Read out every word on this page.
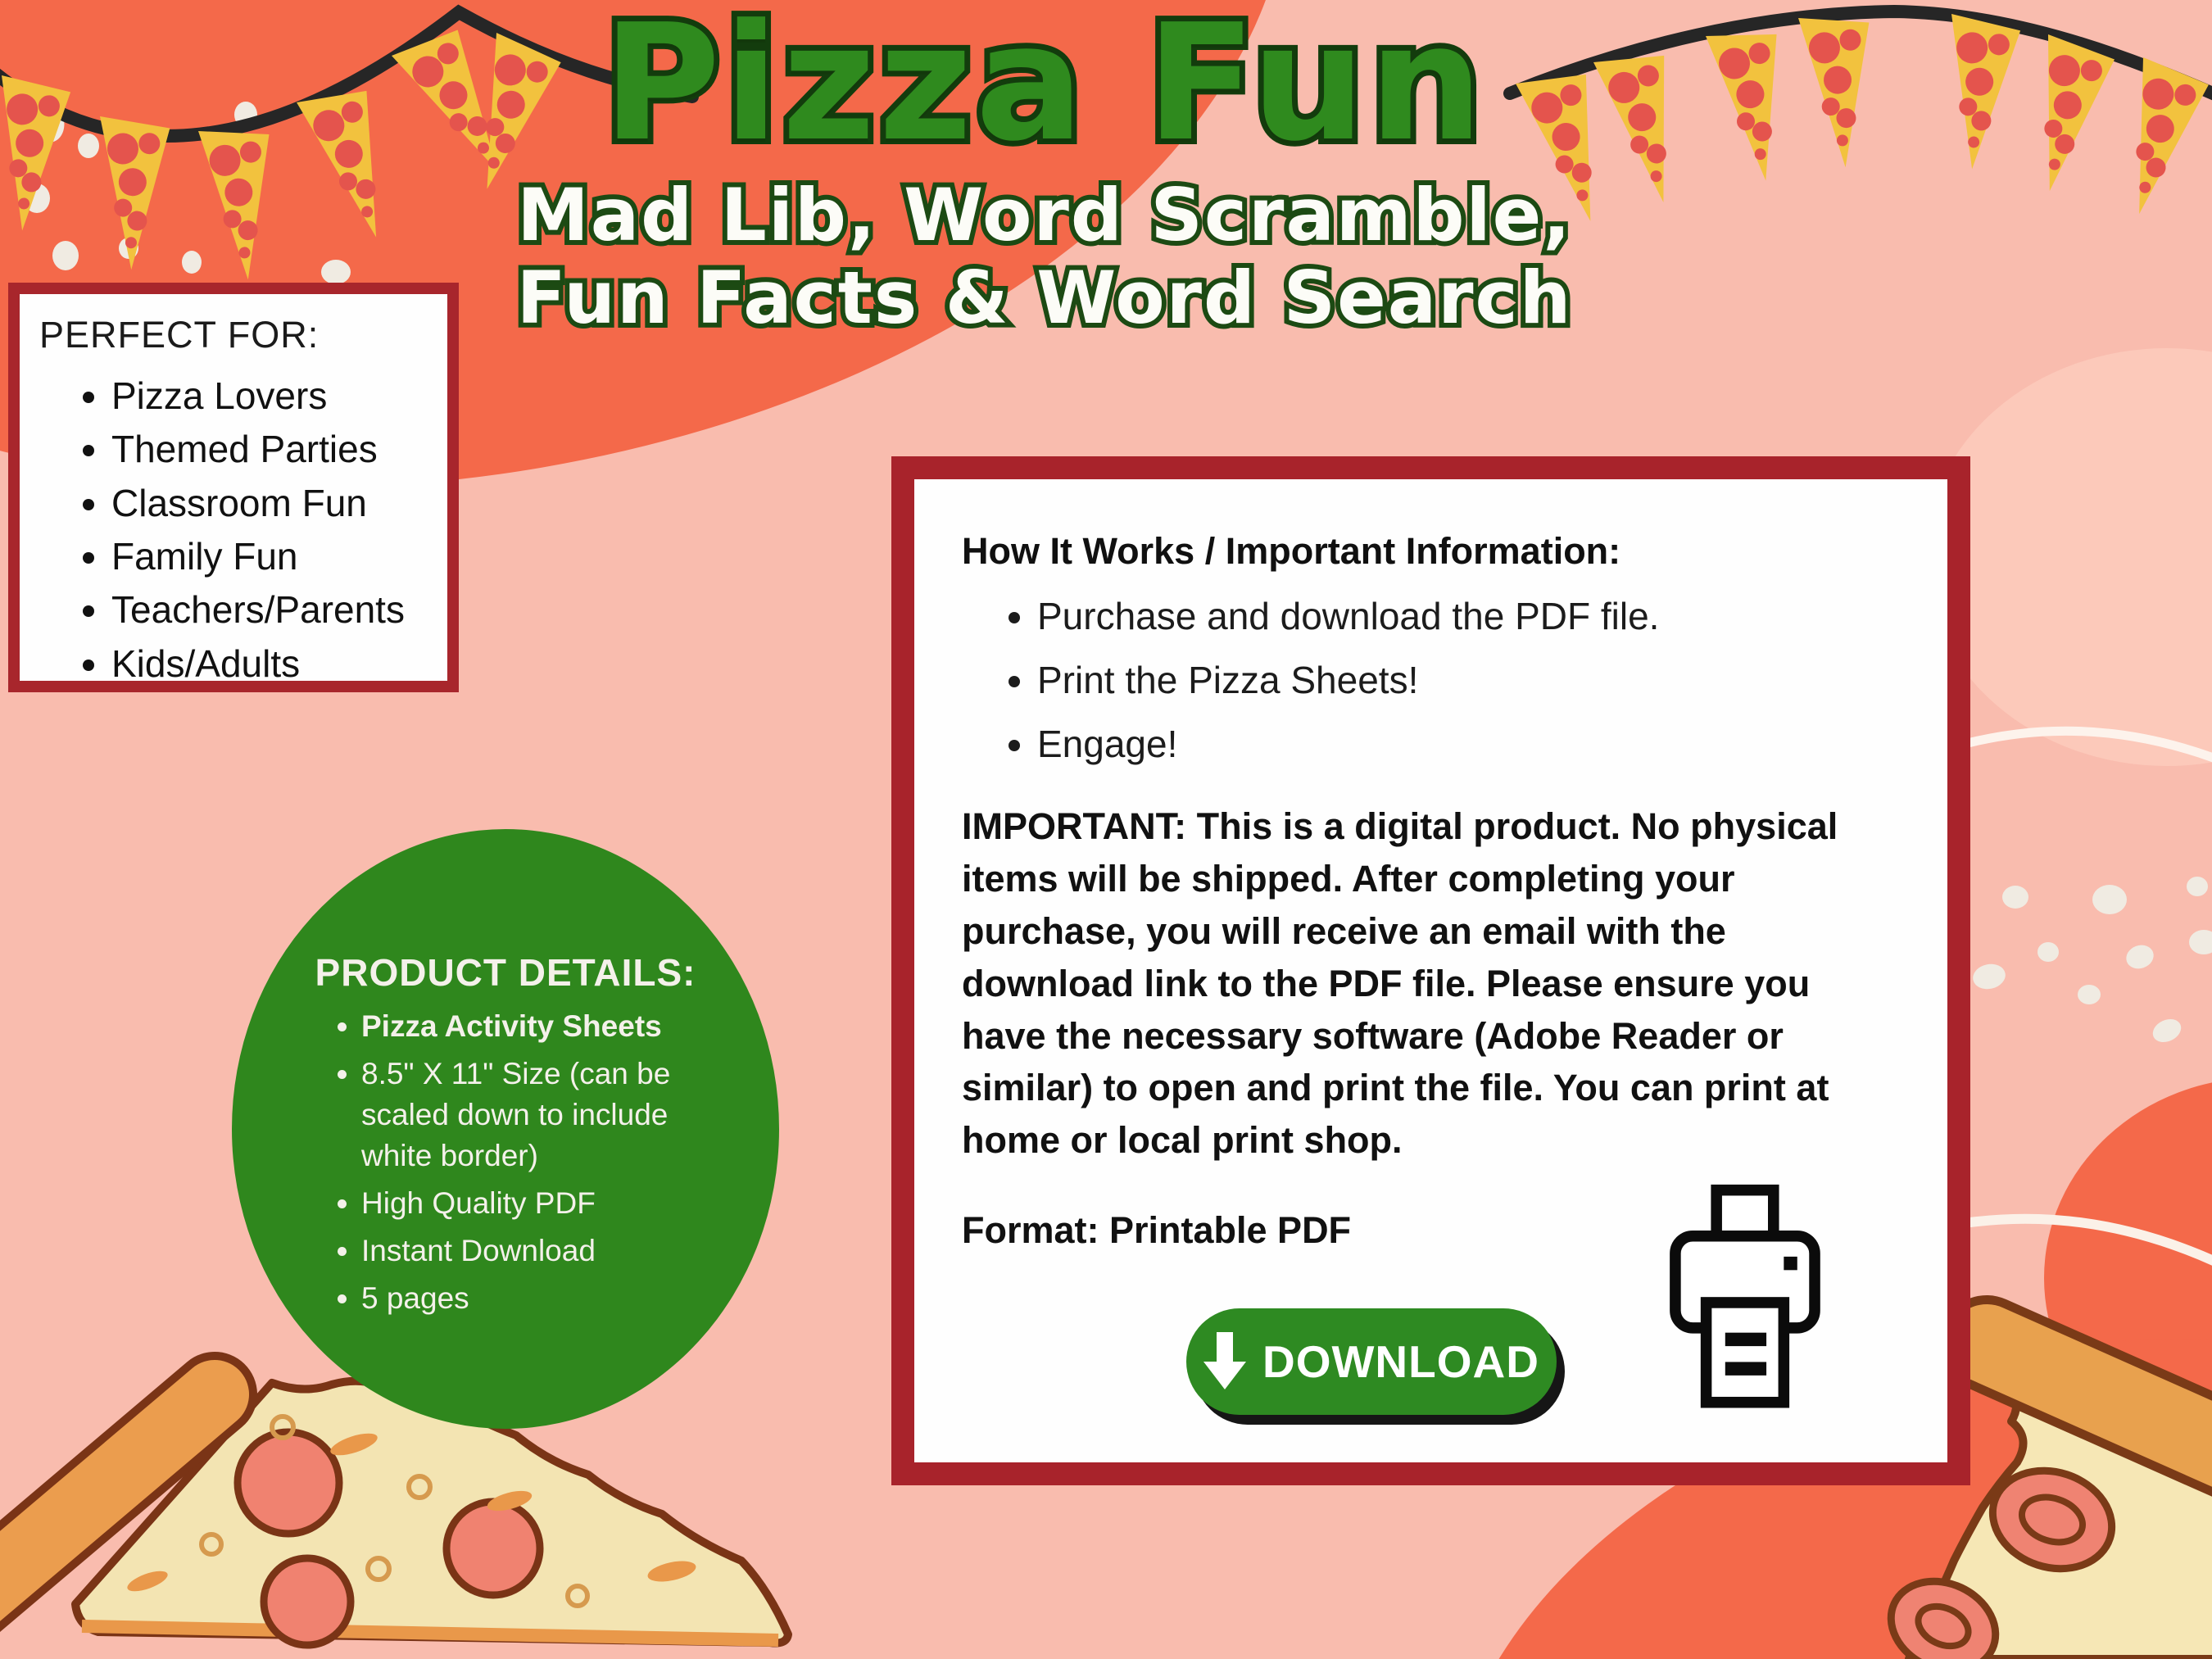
Pizza Fun
Mad Lib, Word Scramble,
Fun Facts & Word Search
PERFECT FOR:
• Pizza Lovers
• Themed Parties
• Classroom Fun
• Family Fun
• Teachers/Parents
• Kids/Adults
PRODUCT DETAILS:
• Pizza Activity Sheets
• 8.5" X 11" Size (can be scaled down to include white border)
• High Quality PDF
• Instant Download
• 5 pages
How It Works / Important Information:
• Purchase and download the PDF file.
• Print the Pizza Sheets!
• Engage!

IMPORTANT: This is a digital product. No physical items will be shipped. After completing your purchase, you will receive an email with the download link to the PDF file. Please ensure you have the necessary software (Adobe Reader or similar) to open and print the file. You can print at home or local print shop.

Format: Printable PDF

DOWNLOAD
